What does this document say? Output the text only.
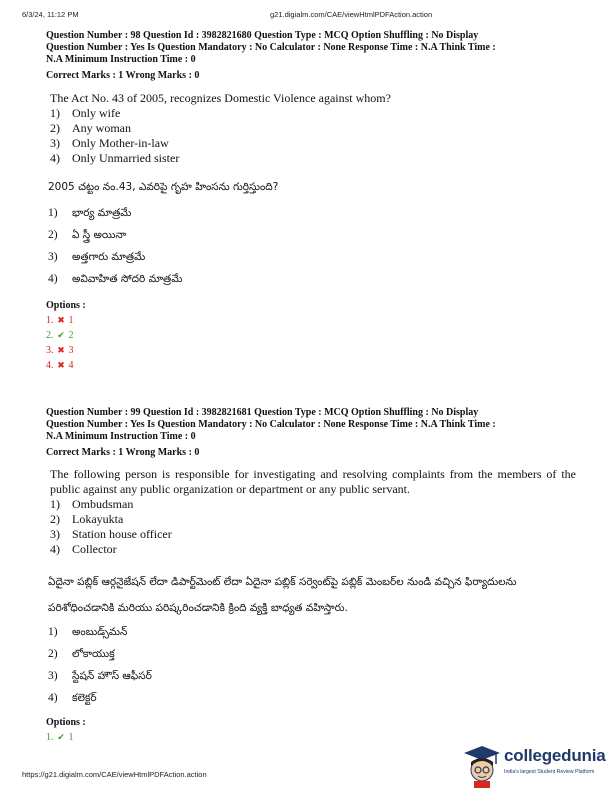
6/3/24, 11:12 PM	g21.digialm.com/CAE/viewHtmlPDFAction.action
Question Number : 98 Question Id : 3982821680 Question Type : MCQ Option Shuffling : No Display
Question Number : Yes Is Question Mandatory : No Calculator : None Response Time : N.A Think Time :
N.A Minimum Instruction Time : 0
Correct Marks : 1 Wrong Marks : 0
The Act No. 43 of 2005, recognizes Domestic Violence against whom?
1) Only wife
2) Any woman
3) Only Mother-in-law
4) Only Unmarried sister
2005 చట్టం నం.43, ఎవరిపై గృహ హింసను గుర్తిస్తుంది?
1) భార్య మాత్రమే
2) ఏ స్త్రీ అయినా
3) అత్తగారు మాత్రమే
4) అవివాహిత సోదరి మాత్రమే
Options :
1. ✖ 1
2. ✔ 2
3. ✖ 3
4. ✖ 4
Question Number : 99 Question Id : 3982821681 Question Type : MCQ Option Shuffling : No Display
Question Number : Yes Is Question Mandatory : No Calculator : None Response Time : N.A Think Time :
N.A Minimum Instruction Time : 0
Correct Marks : 1 Wrong Marks : 0
The following person is responsible for investigating and resolving complaints from the members of the public against any public organization or department or any public servant.
1) Ombudsman
2) Lokayukta
3) Station house officer
4) Collector
ఏదైనా పబ్లిక్ ఆర్గనైజేషన్ లేదా డిపార్ట్‌మెంట్ లేదా ఏదైనా పబ్లిక్ సర్వెంట్‌పై పబ్లిక్ మెంబర్‌ల నుండి వచ్చిన ఫిర్యాదులను పరిశోధించడానికి మరియు పరిష్కరించడానికి క్రింది వ్యక్తి బాధ్యత వహిస్తారు.
1) అంబుడ్స్‌మన్
2) లోకాయుక్త
3) స్టేషన్ హౌస్ ఆఫీసర్
4) కలెక్టర్
Options :
1. ✔ 1
https://g21.digialm.com/CAE/viewHtmlPDFAction.action
collegedunia
India's largest Student Review Platform
